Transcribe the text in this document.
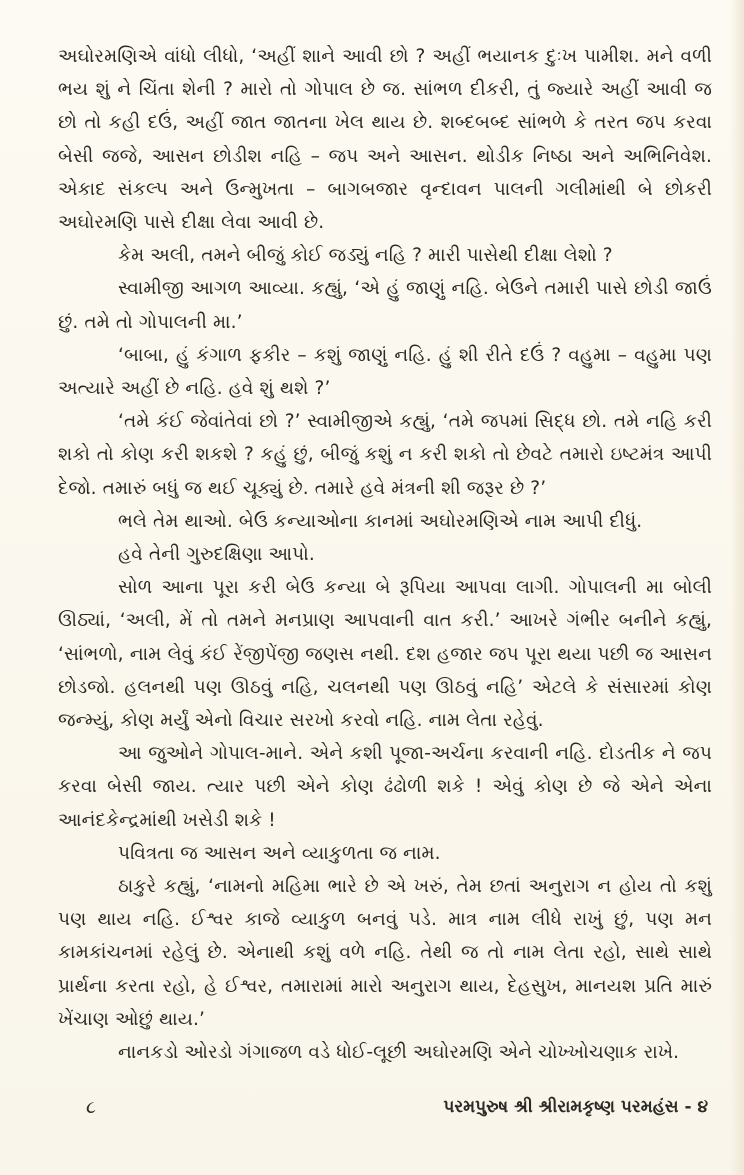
અઘોરમણિએ વાંધો લીધો, ‘અહીં શાને આવી છો ? અહીં ભયાનક દુઃખ પામીશ. મને વળી ભય શું ને ચિંતા શેની ? મારો તો ગોપાલ છે જ. સાંભળ દીકરી, તું જ્યારે અહીં આવી જ છો તો કહી દઉં, અહીં જાત જાતના ખેલ થાય છે. શબ્દબબ્દ સાંભળે કે તરત જપ કરવા બેસી જજે, આસન છોડીશ નહિ – જપ અને આસન. થોડીક નિષ્ઠા અને અભિનિવેશ. એકાદ સંકલ્પ અને ઉન્મુખતા – બાગબજાર વૃન્દાવન પાલની ગલીમાંથી બે છોકરી અઘોરમણિ પાસે દીક્ષા લેવા આવી છે.

કેમ અલી, તમને બીજું કોઈ જડ્યું નહિ ? મારી પાસેથી દીક્ષા લેશો ?

સ્વામીજી આગળ આવ્યા. કહ્યું, ‘એ હું જાણું નહિ. બેઉને તમારી પાસે છોડી જાઉં છું. તમે તો ગોપાલની મા.’

‘બાબા, હું કંગાળ ફકીર – કશું જાણું નહિ. હું શી રીતે દઉં ? વહુમા – વહુમા પણ અત્યારે અહીં છે નહિ. હવે શું થશે ?’

‘તમે કંઈ જેવાંતેવાં છો ?’ સ્વામીજીએ કહ્યું, ‘તમે જપમાં સિદ્ધ છો. તમે નહિ કરી શકો તો કોણ કરી શકશે ? કહું છું, બીજું કશું ન કરી શકો તો છેવટે તમારો ઇષ્ટમંત્ર આપી દેજો. તમારું બધું જ થઈ ચૂક્યું છે. તમારે હવે મંત્રની શી જરૂર છે ?’

ભલે તેમ થાઓ. બેઉ કન્યાઓના કાનમાં અઘોરમણિએ નામ આપી દીધું.

હવે તેની ગુરુદક્ષિણા આપો.

સોળ આના પૂરા કરી બેઉ કન્યા બે રૂપિયા આપવા લાગી. ગોપાલની મા બોલી ઊઠ્યાં, ‘અલી, મેં તો તમને મનપ્રાણ આપવાની વાત કરી.’ આખરે ગંભીર બનીને કહ્યું, ‘સાંભળો, નામ લેવું કંઈ રેંજીપેંજી જણસ નથી. દશ હજાર જપ પૂરા થયા પછી જ આસન છોડજો. હલનથી પણ ઊઠવું નહિ, ચલનથી પણ ઊઠવું નહિ’ એટલે કે સંસારમાં કોણ જન્મ્યું, કોણ મર્યું એનો વિચાર સરખો કરવો નહિ. નામ લેતા રહેવું.

આ જુઓને ગોપાલ-માને. એને કશી પૂજા-અર્ચના કરવાની નહિ. દોડતીક ને જપ કરવા બેસી જાય. ત્યાર પછી એને કોણ ઢંઢોળી શકે ! એવું કોણ છે જે એને એના આનંદકેન્દ્રમાંથી ખસેડી શકે !

પવિત્રતા જ આસન અને વ્યાકુળતા જ નામ.

ઠાકુરે કહ્યું, ‘નામનો મહિમા ભારે છે એ ખરું, તેમ છતાં અનુરાગ ન હોય તો કશું પણ થાય નહિ. ઈશ્વર કાજે વ્યાકુળ બનવું પડે. માત્ર નામ લીધે રાખું છું, પણ મન કામકાંચનમાં રહેલું છે. એનાથી કશું વળે નહિ. તેથી જ તો નામ લેતા રહો, સાથે સાથે પ્રાર્થના કરતા રહો, હે ઈશ્વર, તમારામાં મારો અનુરાગ થાય, દેહસુખ, માનયશ પ્રતિ મારું ખેંચાણ ઓછું થાય.’

નાનકડો ઓરડો ગંગાજળ વડે ધોઈ-લૂછી અઘોરમણિ એને ચોખ્ખોચણાક રાખે.

૮	પરમપુરુષ શ્રી શ્રીરામકૃષ્ણ પરમહંસ - ૪
